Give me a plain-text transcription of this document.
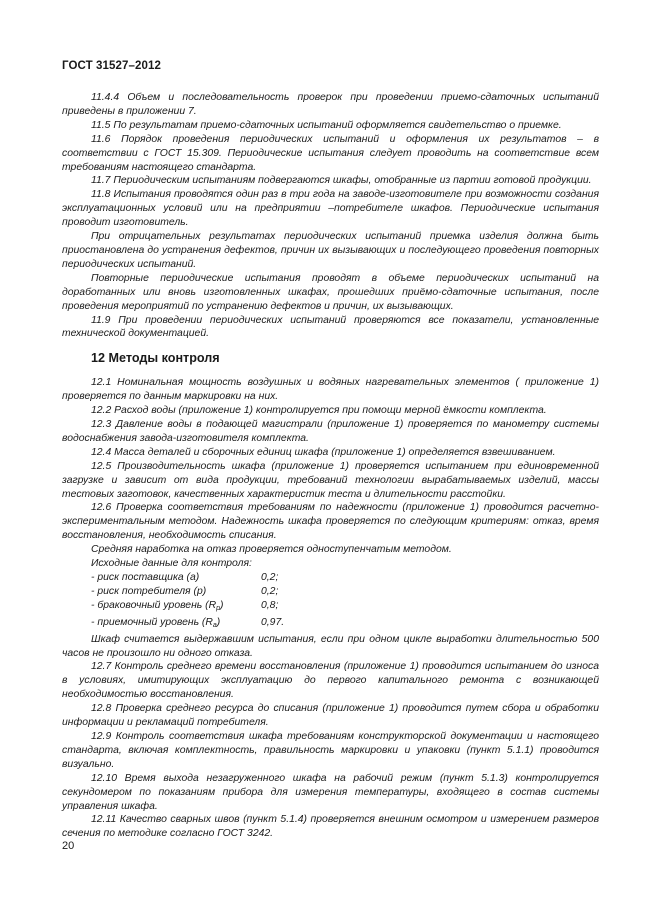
ГОСТ 31527–2012

11.4.4 Объем и последовательность проверок при проведении приемо-сдаточных испытаний приведены в приложении 7.

11.5 По результатам приемо-сдаточных испытаний оформляется свидетельство о приемке.

11.6 Порядок проведения периодических испытаний и оформления их результатов – в соответствии с ГОСТ 15.309. Периодические испытания следует проводить на соответствие всем требованиям настоящего стандарта.

11.7 Периодическим испытаниям подвергаются шкафы, отобранные из партии готовой продукции.

11.8 Испытания проводятся один раз в три года на заводе-изготовителе при возможности создания эксплуатационных условий или на предприятии –потребителе шкафов. Периодические испытания проводит изготовитель.

При отрицательных результатах периодических испытаний приемка изделия должна быть приостановлена до устранения дефектов, причин их вызывающих и последующего проведения повторных периодических испытаний.

Повторные периодические испытания проводят в объеме периодических испытаний на доработанных или вновь изготовленных шкафах, прошедших приёмо-сдаточные испытания, после проведения мероприятий по устранению дефектов и причин, их вызывающих.

11.9 При проведении периодических испытаний проверяются все показатели, установленные технической документацией.

12 Методы контроля

12.1 Номинальная мощность воздушных и водяных нагревательных элементов ( приложение 1) проверяется по данным маркировки на них.

12.2 Расход воды (приложение 1) контролируется при помощи мерной ёмкости комплекта.

12.3 Давление воды в подающей магистрали (приложение 1) проверяется по манометру системы водоснабжения завода-изготовителя комплекта.

12.4 Масса деталей и сборочных единиц шкафа (приложение 1) определяется взвешиванием.

12.5 Производительность шкафа (приложение 1) проверяется испытанием при единовременной загрузке и зависит от вида продукции, требований технологии вырабатываемых изделий, массы тестовых заготовок, качественных характеристик теста и длительности расстойки.

12.6 Проверка соответствия требованиям по надежности (приложение 1) проводится расчетно-экспериментальным методом. Надежность шкафа проверяется по следующим критериям: отказ, время восстановления, необходимость списания.

Средняя наработка на отказ проверяется одноступенчатым методом.

Исходные данные для контроля:

- риск поставщика (a)	0,2;

- риск потребителя (р)	0,2;

- браковочный уровень $(R_р)$	0,8;

- приемочный уровень $(R_a)$	0,97.

Шкаф считается выдержавшим испытания, если при одном цикле выработки длительностью 500 часов не произошло ни одного отказа.

12.7 Контроль среднего времени восстановления (приложение 1) проводится испытанием до износа в условиях, имитирующих эксплуатацию до первого капитального ремонта с возникающей необходимостью восстановления.

12.8 Проверка среднего ресурса до списания (приложение 1) проводится путем сбора и обработки информации и рекламаций потребителя.

12.9 Контроль соответствия шкафа требованиям конструкторской документации и настоящего стандарта, включая комплектность, правильность маркировки и упаковки (пункт 5.1.1) проводится визуально.

12.10 Время выхода незагруженного шкафа на рабочий режим (пункт 5.1.3) контролируется секундомером по показаниям прибора для измерения температуры, входящего в состав системы управления шкафа.

12.11 Качество сварных швов (пункт 5.1.4) проверяется внешним осмотром и измерением размеров сечения по методике согласно ГОСТ 3242.

20
